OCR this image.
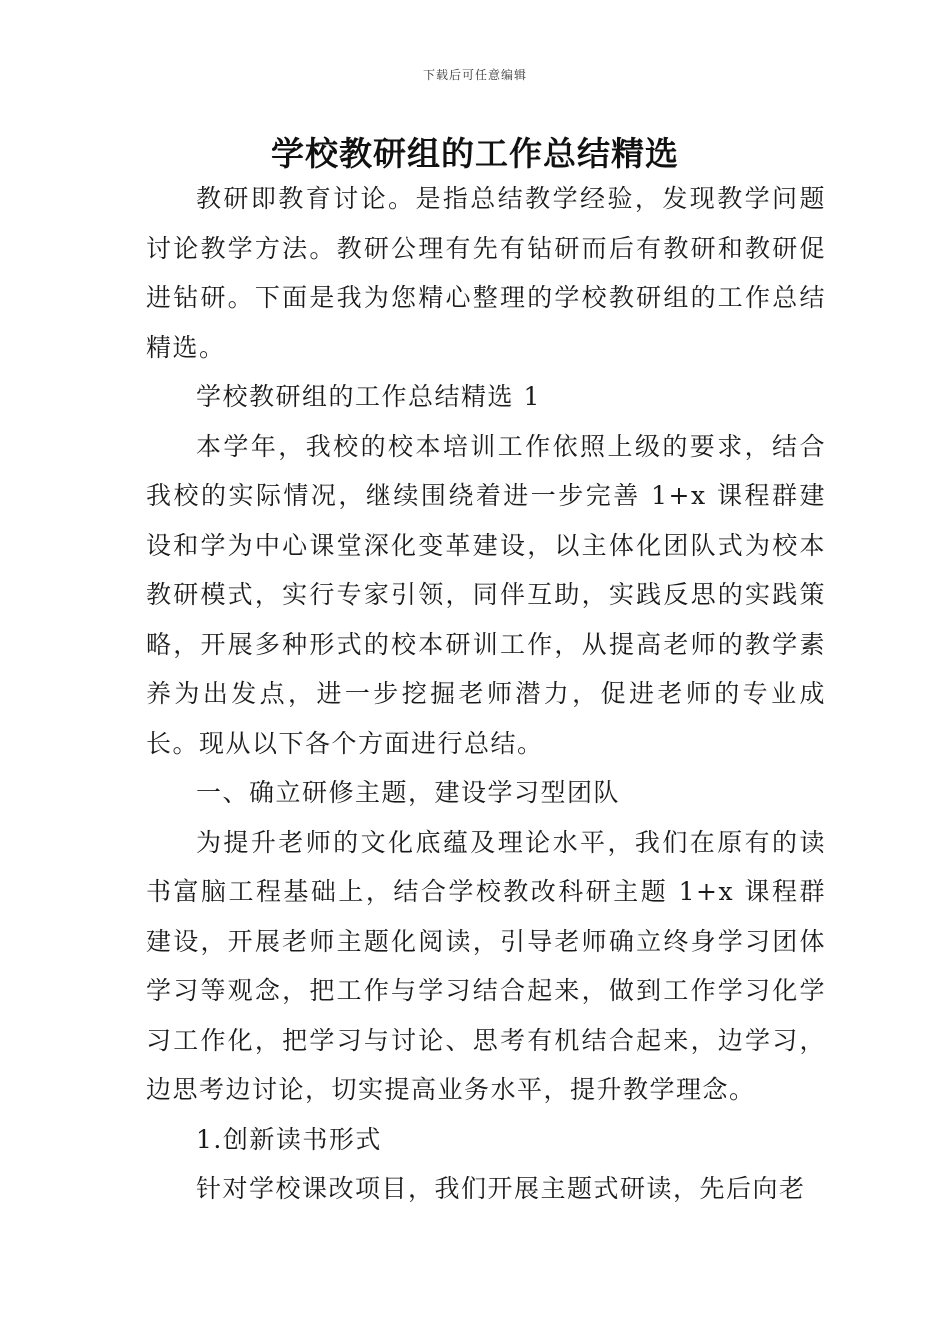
下载后可任意编辑
学校教研组的工作总结精选

教研即教育讨论。是指总结教学经验，发现教学问题讨论教学方法。教研公理有先有钻研而后有教研和教研促进钻研。下面是我为您精心整理的学校教研组的工作总结精选。

学校教研组的工作总结精选 1

本学年，我校的校本培训工作依照上级的要求，结合我校的实际情况，继续围绕着进一步完善 1+x 课程群建设和学为中心课堂深化变革建设，以主体化团队式为校本教研模式，实行专家引领，同伴互助，实践反思的实践策略，开展多种形式的校本研训工作，从提高老师的教学素养为出发点，进一步挖掘老师潜力，促进老师的专业成长。现从以下各个方面进行总结。

一、确立研修主题，建设学习型团队

为提升老师的文化底蕴及理论水平，我们在原有的读书富脑工程基础上，结合学校教改科研主题 1+x 课程群建设，开展老师主题化阅读，引导老师确立终身学习团体学习等观念，把工作与学习结合起来，做到工作学习化学习工作化，把学习与讨论、思考有机结合起来，边学习，边思考边讨论，切实提高业务水平，提升教学理念。

1.创新读书形式

针对学校课改项目，我们开展主题式研读，先后向老
